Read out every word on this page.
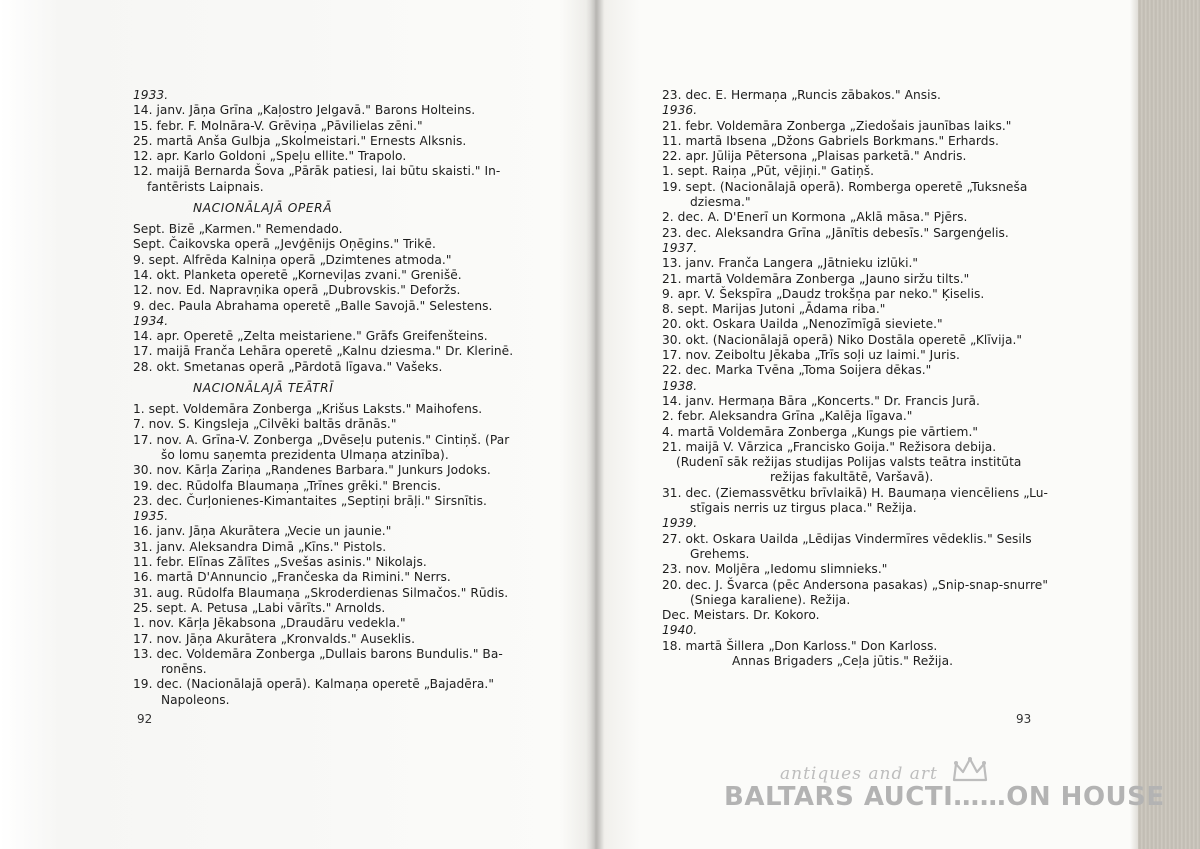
1933.
14. janv. Jāņa Grīna „Kaļostro Jelgavā." Barons Holteins.
15. febr. F. Molnāra-V. Grēviņa „Pāvilielas zēni."
25. martā Anša Gulbja „Skolmeistari." Ernests Alksnis.
12. apr. Karlo Goldoni „Speļu ellite." Trapolo.
12. maijā Bernarda Šova „Pārāk patiesi, lai būtu skaisti." In-
fantērists Laipnais.
NACIONĀLAJĀ OPERĀ
Sept. Bizē „Karmen." Remendado.
Sept. Čaikovska operā „Jevģēnijs Oņēgins." Trikē.
9. sept. Alfrēda Kalniņa operā „Dzimtenes atmoda."
14. okt. Planketa operetē „Korneviļas zvani." Grenišē.
12. nov. Ed. Napravņika operā „Dubrovskis." Deforžs.
9. dec. Paula Abrahama operetē „Balle Savojā." Selestens.
1934.
14. apr. Operetē „Zelta meistariene." Grāfs Greifenšteins.
17. maijā Franča Lehāra operetē „Kalnu dziesma." Dr. Klerinē.
28. okt. Smetanas operā „Pārdotā līgava." Vašeks.
NACIONĀLAJĀ TEĀTRĪ
1. sept. Voldemāra Zonberga „Krišus Laksts." Maihofens.
7. nov. S. Kingsleja „Cilvēki baltās drānās."
17. nov. A. Grīna-V. Zonberga „Dvēseļu putenis." Cintiņš. (Par
šo lomu saņemta prezidenta Ulmaņa atzinība).
30. nov. Kārļa Zariņa „Randenes Barbara." Junkurs Jodoks.
19. dec. Rūdolfa Blaumaņa „Trīnes grēki." Brencis.
23. dec. Čurļonienes-Kimantaites „Septiņi brāļi." Sirsnītis.
1935.
16. janv. Jāņa Akurātera „Vecie un jaunie."
31. janv. Aleksandra Dimā „Kīns." Pistols.
11. febr. Elīnas Zālītes „Svešas asinis." Nikolajs.
16. martā D'Annuncio „Frančeska da Rimini." Nerrs.
31. aug. Rūdolfa Blaumaņa „Skroderdienas Silmačos." Rūdis.
25. sept. A. Petusa „Labi vārīts." Arnolds.
1. nov. Kārļa Jēkabsona „Draudāru vedekla."
17. nov. Jāņa Akurātera „Kronvalds." Auseklis.
13. dec. Voldemāra Zonberga „Dullais barons Bundulis." Ba-
ronēns.
19. dec. (Nacionālajā operā). Kalmaņa operetē „Bajadēra."
Napoleons.
92
23. dec. E. Hermaņa „Runcis zābakos." Ansis.
1936.
21. febr. Voldemāra Zonberga „Ziedošais jaunības laiks."
11. martā Ibsena „Džons Gabriels Borkmans." Erhards.
22. apr. Jūlija Pētersona „Plaisas parketā." Andris.
1. sept. Raiņa „Pūt, vējiņi." Gatiņš.
19. sept. (Nacionālajā operā). Romberga operetē „Tuksneša
dziesma."
2. dec. A. D'Enerī un Kormona „Aklā māsa." Pjērs.
23. dec. Aleksandra Grīna „Jānītis debesīs." Sargenģelis.
1937.
13. janv. Franča Langera „Jātnieku izlūki."
21. martā Voldemāra Zonberga „Jauno siržu tilts."
9. apr. V. Šekspīra „Daudz trokšņa par neko." Ķiselis.
8. sept. Marijas Jutoni „Ādama riba."
20. okt. Oskara Uailda „Nenozīmīgā sieviete."
30. okt. (Nacionālajā operā) Niko Dostāla operetē „Klīvija."
17. nov. Zeiboltu Jēkaba „Trīs soļi uz laimi." Juris.
22. dec. Marka Tvēna „Toma Soijera dēkas."
1938.
14. janv. Hermaņa Bāra „Koncerts." Dr. Francis Jurā.
2. febr. Aleksandra Grīna „Kalēja līgava."
4. martā Voldemāra Zonberga „Kungs pie vārtiem."
21. maijā V. Vārzica „Francisko Goija." Režisora debija.
(Rudenī sāk režijas studijas Polijas valsts teātra institūta
režijas fakultātē, Varšavā).
31. dec. (Ziemassvētku brīvlaikā) H. Baumaņa viencēliens „Lu-
stīgais nerris uz tirgus placa." Režija.
1939.
27. okt. Oskara Uailda „Lēdijas Vindermīres vēdeklis." Sesils
Grehems.
23. nov. Moljēra „Iedomu slimnieks."
20. dec. J. Švarca (pēc Andersona pasakas) „Snip-snap-snurre"
(Sniega karaliene). Režija.
Dec. Meistars. Dr. Kokoro.
1940.
18. martā Šillera „Don Karloss." Don Karloss.
Annas Brigaders „Ceļa jūtis." Režija.
93
antiques and art
BALTARS AUCTI……ON HOUSE
